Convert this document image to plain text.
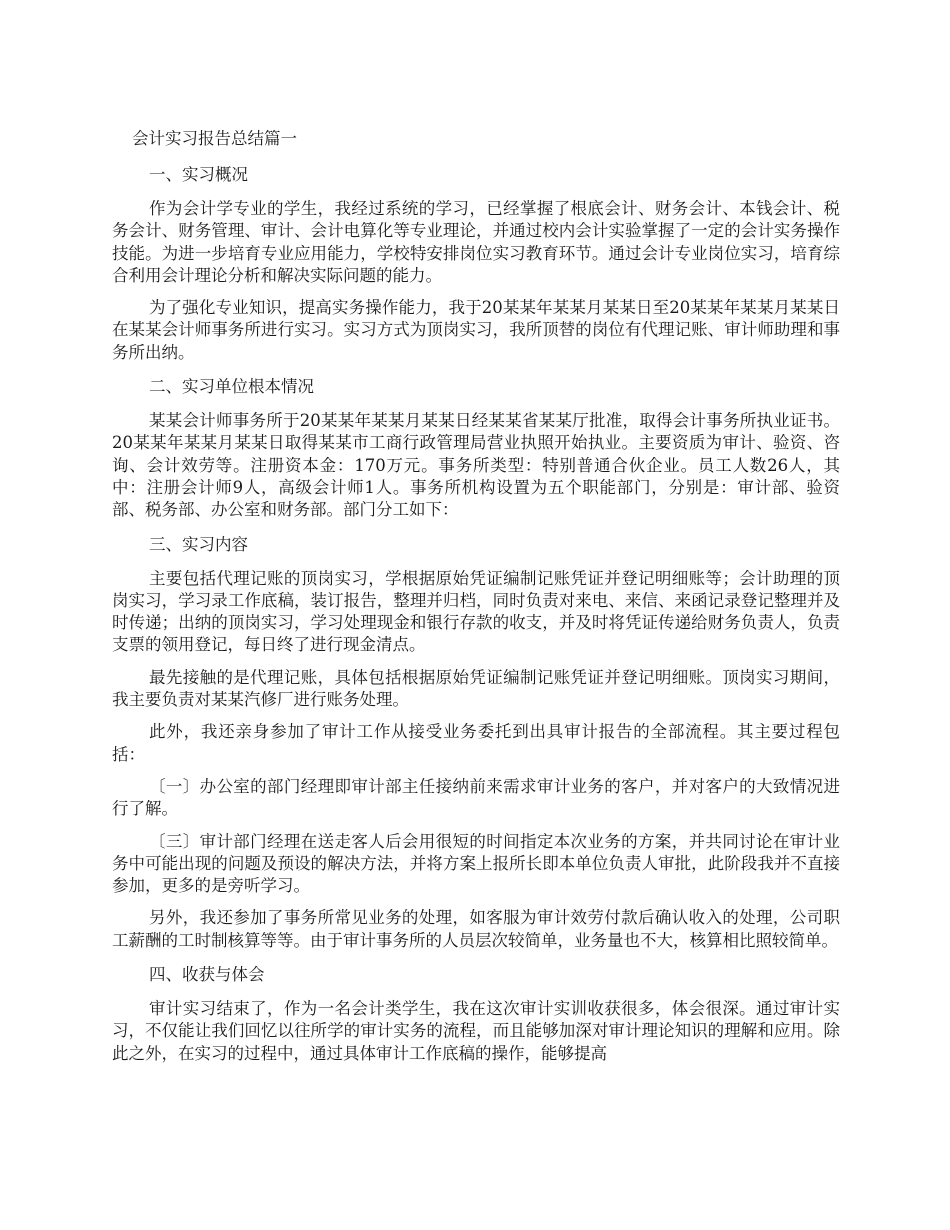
会计实习报告总结篇一
一、实习概况

作为会计学专业的学生，我经过系统的学习，已经掌握了根底会计、财务会计、本钱会计、税务会计、财务管理、审计、会计电算化等专业理论，并通过校内会计实验掌握了一定的会计实务操作技能。为进一步培育专业应用能力，学校特安排岗位实习教育环节。通过会计专业岗位实习，培育综合利用会计理论分析和解决实际问题的能力。

为了强化专业知识，提高实务操作能力，我于20某某年某某月某某日至20某某年某某月某某日在某某会计师事务所进行实习。实习方式为顶岗实习，我所顶替的岗位有代理记账、审计师助理和事务所出纳。

二、实习单位根本情况

某某会计师事务所于20某某年某某月某某日经某某省某某厅批准，取得会计事务所执业证书。20某某年某某月某某日取得某某市工商行政管理局营业执照开始执业。主要资质为审计、验资、咨询、会计效劳等。注册资本金：170万元。事务所类型：特别普通合伙企业。员工人数26人，其中：注册会计师9人，高级会计师1人。事务所机构设置为五个职能部门，分别是：审计部、验资部、税务部、办公室和财务部。部门分工如下：

三、实习内容

主要包括代理记账的顶岗实习，学根据原始凭证编制记账凭证并登记明细账等；会计助理的顶岗实习，学习录工作底稿，装订报告，整理并归档，同时负责对来电、来信、来函记录登记整理并及时传递；出纳的顶岗实习，学习处理现金和银行存款的收支，并及时将凭证传递给财务负责人，负责支票的领用登记，每日终了进行现金清点。

最先接触的是代理记账，具体包括根据原始凭证编制记账凭证并登记明细账。顶岗实习期间，我主要负责对某某汽修厂进行账务处理。

此外，我还亲身参加了审计工作从接受业务委托到出具审计报告的全部流程。其主要过程包括：

〔一〕办公室的部门经理即审计部主任接纳前来需求审计业务的客户，并对客户的大致情况进行了解。

〔三〕审计部门经理在送走客人后会用很短的时间指定本次业务的方案，并共同讨论在审计业务中可能出现的问题及预设的解决方法，并将方案上报所长即本单位负责人审批，此阶段我并不直接参加，更多的是旁听学习。

另外，我还参加了事务所常见业务的处理，如客服为审计效劳付款后确认收入的处理，公司职工薪酬的工时制核算等等。由于审计事务所的人员层次较简单，业务量也不大，核算相比照较简单。

四、收获与体会

审计实习结束了，作为一名会计类学生，我在这次审计实训收获很多，体会很深。通过审计实习，不仅能让我们回忆以往所学的审计实务的流程，而且能够加深对审计理论知识的理解和应用。除此之外，在实习的过程中，通过具体审计工作底稿的操作，能够提高
